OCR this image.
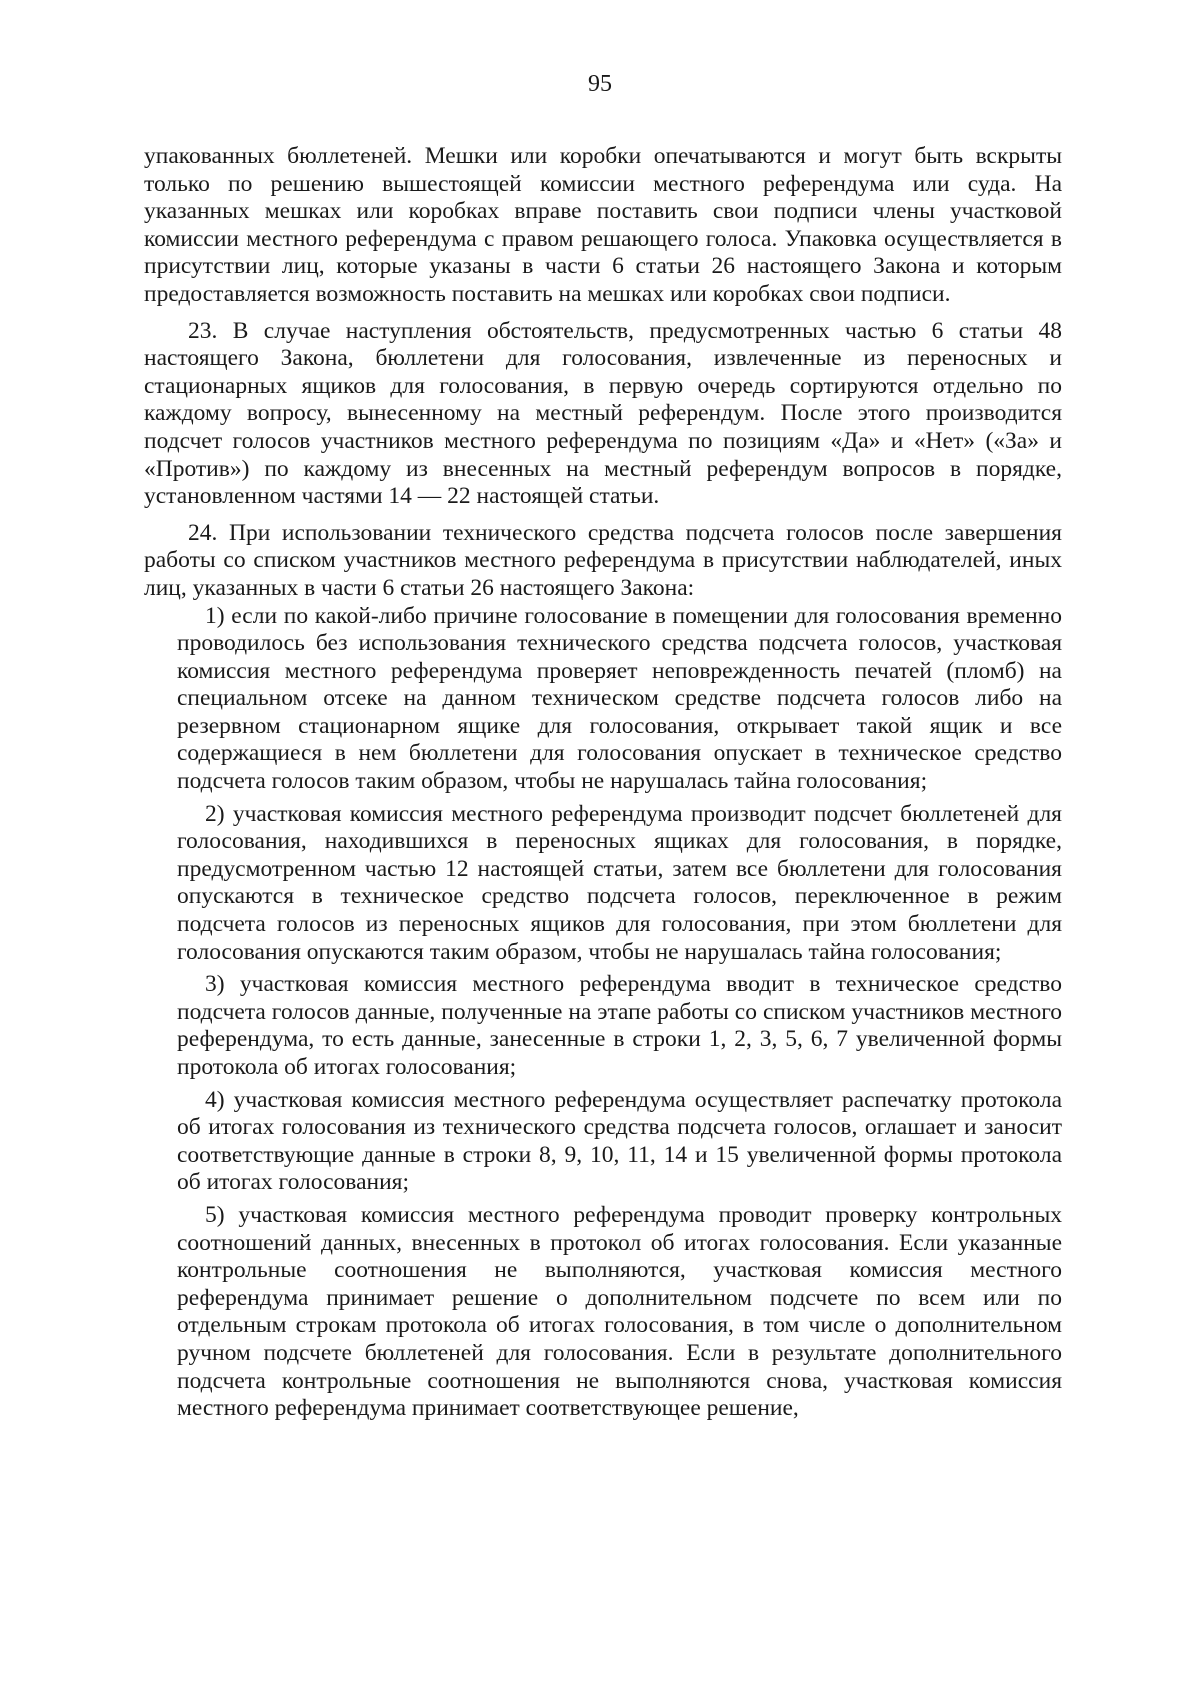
95

упакованных бюллетеней. Мешки или коробки опечатываются и могут быть вскрыты только по решению вышестоящей комиссии местного референдума или суда. На указанных мешках или коробках вправе поставить свои подписи члены участковой комиссии местного референдума с правом решающего голоса. Упаковка осуществляется в присутствии лиц, которые указаны в части 6 статьи 26 настоящего Закона и которым предоставляется возможность поставить на мешках или коробках свои подписи.

23. В случае наступления обстоятельств, предусмотренных частью 6 статьи 48 настоящего Закона, бюллетени для голосования, извлеченные из переносных и стационарных ящиков для голосования, в первую очередь сортируются отдельно по каждому вопросу, вынесенному на местный референдум. После этого производится подсчет голосов участников местного референдума по позициям «Да» и «Нет» («За» и «Против») по каждому из внесенных на местный референдум вопросов в порядке, установленном частями 14 — 22 настоящей статьи.

24. При использовании технического средства подсчета голосов после завершения работы со списком участников местного референдума в присутствии наблюдателей, иных лиц, указанных в части 6 статьи 26 настоящего Закона:

1) если по какой-либо причине голосование в помещении для голосования временно проводилось без использования технического средства подсчета голосов, участковая комиссия местного референдума проверяет неповрежденность печатей (пломб) на специальном отсеке на данном техническом средстве подсчета голосов либо на резервном стационарном ящике для голосования, открывает такой ящик и все содержащиеся в нем бюллетени для голосования опускает в техническое средство подсчета голосов таким образом, чтобы не нарушалась тайна голосования;

2) участковая комиссия местного референдума производит подсчет бюллетеней для голосования, находившихся в переносных ящиках для голосования, в порядке, предусмотренном частью 12 настоящей статьи, затем все бюллетени для голосования опускаются в техническое средство подсчета голосов, переключенное в режим подсчета голосов из переносных ящиков для голосования, при этом бюллетени для голосования опускаются таким образом, чтобы не нарушалась тайна голосования;

3) участковая комиссия местного референдума вводит в техническое средство подсчета голосов данные, полученные на этапе работы со списком участников местного референдума, то есть данные, занесенные в строки 1, 2, 3, 5, 6, 7 увеличенной формы протокола об итогах голосования;

4) участковая комиссия местного референдума осуществляет распечатку протокола об итогах голосования из технического средства подсчета голосов, оглашает и заносит соответствующие данные в строки 8, 9, 10, 11, 14 и 15 увеличенной формы протокола об итогах голосования;

5) участковая комиссия местного референдума проводит проверку контрольных соотношений данных, внесенных в протокол об итогах голосования. Если указанные контрольные соотношения не выполняются, участковая комиссия местного референдума принимает решение о дополнительном подсчете по всем или по отдельным строкам протокола об итогах голосования, в том числе о дополнительном ручном подсчете бюллетеней для голосования. Если в результате дополнительного подсчета контрольные соотношения не выполняются снова, участковая комиссия местного референдума принимает соответствующее решение,
